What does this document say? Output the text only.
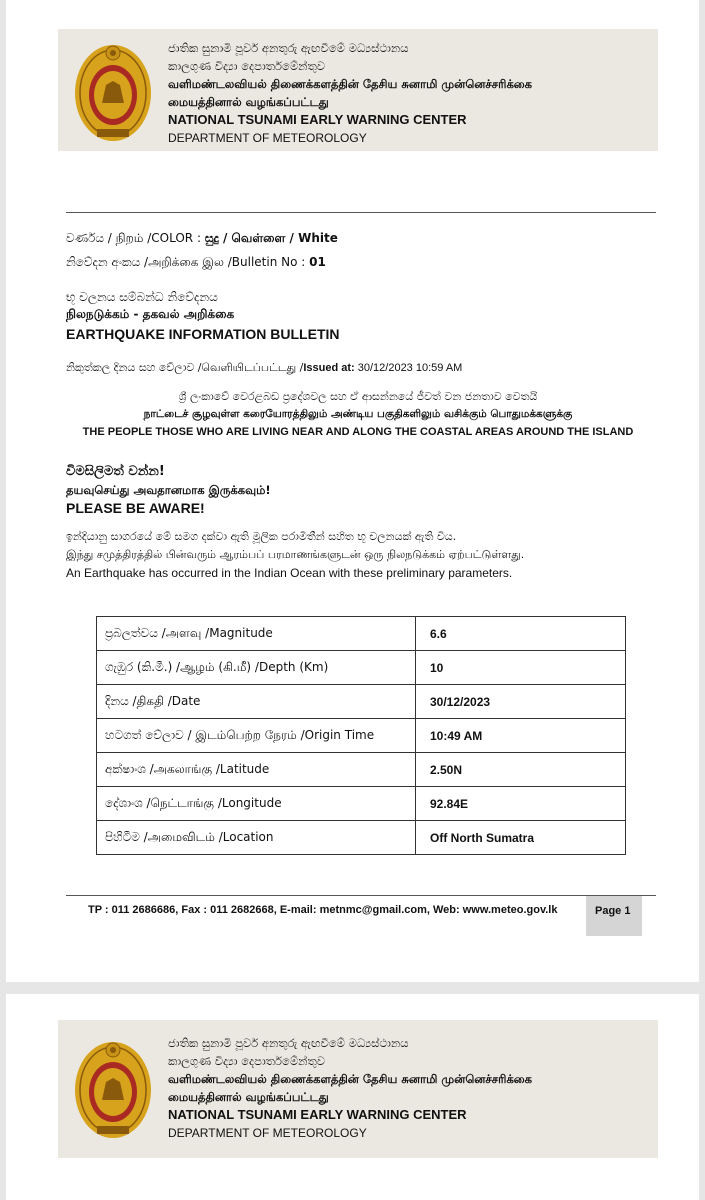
ජාතික සුනාමි පූර්ව අනතුරු ඇඟවීමේ මධ්‍යස්ථානය
කාලගුණ විද්‍යා දෙපාර්තමේන්තුව
வளிமண்டலவியல் திணைக்களத்தின் தேசிய சுனாமி முன்னெச்சரிக்கை
மையத்தினால் வழங்கப்பட்டது
NATIONAL TSUNAMI EARLY WARNING CENTER
DEPARTMENT OF METEOROLOGY
වර්ණය / நிறம் /COLOR : සුදු / வெள்ளை / White
නිවේදන අංකය /அறிக்கை இல /Bulletin No : 01
භූ චලනය සම්බන්ධ නිවේදනය
நிலநடுக்கம் - தகவல் அறிக்கை
EARTHQUAKE INFORMATION BULLETIN
නිකුත්කල දිනය සහ වේලාව /வெளியிடப்பட்டது /Issued at: 30/12/2023 10:59 AM
ශ්‍රී ලංකාවේ වෙරළබඩ ප්‍රදේශවල සහ ඒ ආසන්නයේ ජීවත් වන ජනතාව වෙතයි
நாட்டைச் சூழவுள்ள கரையோரத்திலும் அண்டிய பகுதிகளிலும் வசிக்கும் பொதுமக்களுக்கு
THE PEOPLE THOSE WHO ARE LIVING NEAR AND ALONG THE COASTAL AREAS AROUND THE ISLAND
විමසිලිමත් වන්න!
தயவுசெய்து அவதானமாக இருக்கவும்!
PLEASE BE AWARE!
ඉන්දියානු සාගරයේ මේ සමග දක්වා ඇති මූලික පරාමිතීන් සහිත භූ චලනයක් ඇති විය.
இந்து சமுத்திரத்தில் பின்வரும் ஆரம்பப் பரமாணங்களுடன் ஒரு நிலநடுக்கம் ஏற்பட்டுள்ளது.
An Earthquake has occurred in the Indian Ocean with these preliminary parameters.
ප්‍රබලත්වය /அளவு /Magnitude	6.6
ගැඹුර (කි.මී.) /ஆழம் (கி.மீ) /Depth (Km)	10
දිනය /திகதி /Date	30/12/2023
හටගත් වේලාව / இடம்பெற்ற நேரம் /Origin Time	10:49 AM
අක්ෂාංශ /அகலாங்கு /Latitude	2.50N
දේශාංශ /நெட்டாங்கு /Longitude	92.84E
පිහිටීම /அமைவிடம் /Location	Off North Sumatra
TP : 011 2686686, Fax : 011 2682668, E-mail: metnmc@gmail.com, Web: www.meteo.gov.lk	Page 1
ජාතික සුනාමි පූර්ව අනතුරු ඇඟවීමේ මධ්‍යස්ථානය
කාලගුණ විද්‍යා දෙපාර්තමේන්තුව
வளிமண்டலவியல் திணைக்களத்தின் தேசிய சுனாமி முன்னெச்சரிக்கை
மையத்தினால் வழங்கப்பட்டது
NATIONAL TSUNAMI EARLY WARNING CENTER
DEPARTMENT OF METEOROLOGY
